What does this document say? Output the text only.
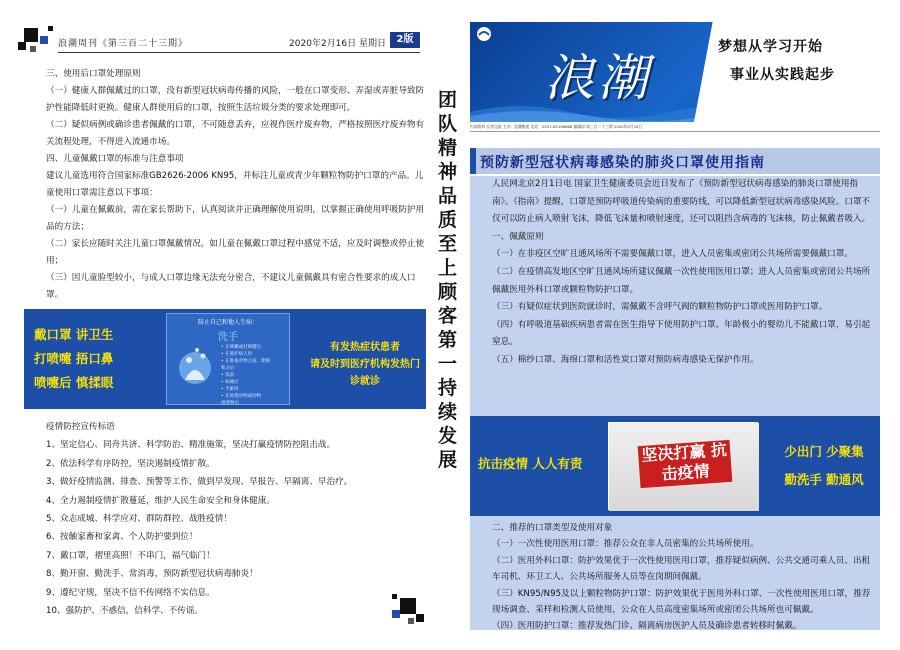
浪潮周刊《第三百二十三期》	2020年2月16日 星期日	2版

三、使用后口罩处理原则

（一）健康人群佩戴过的口罩，没有新型冠状病毒传播的风险，一般在口罩变形、弄湿或弄脏导致防护性能降低时更换。健康人群使用后的口罩，按照生活垃圾分类的要求处理即可。

（二）疑似病例或确诊患者佩戴的口罩，不可随意丢弃，应视作医疗废弃物，严格按照医疗废弃物有关流程处理，不得进入流通市场。

四、儿童佩戴口罩的标准与注意事项

建议儿童选用符合国家标准GB2626-2006 KN95，并标注儿童或青少年颗粒物防护口罩的产品。儿童使用口罩需注意以下事项：

（一）儿童在佩戴前，需在家长帮助下，认真阅读并正确理解使用说明，以掌握正确使用呼吸防护用品的方法；

（二）家长应随时关注儿童口罩佩戴情况，如儿童在佩戴口罩过程中感觉不适，应及时调整或停止使用；

（三）因儿童脸型较小，与成人口罩边缘无法充分密合，不建议儿童佩戴具有密合性要求的成人口罩。

戴口罩 讲卫生
打喷嚏 捂口鼻
喷嚏后 慎揉眼
防止自己和他人生病：
洗手
• 在咳嗽或打喷嚏后
• 在照护病人时
• 在准备食物之前、期间
和之后
• 饭前
• 如厕后
• 手脏时
• 在处理动物或动物
排泄物后
有发热症状患者
请及时到医疗机构发热门诊就诊

疫情防控宣传标语

1、坚定信心、同舟共济、科学防治、精准施策，坚决打赢疫情防控阻击战。

2、依法科学有序防控，坚决遏制疫情扩散。

3、做好疫情监测、排查、预警等工作，做到早发现、早报告、早隔离、早治疗。

4、全力遏制疫情扩散蔓延，维护人民生命安全和身体健康。

5、众志成城、科学应对、群防群控、战胜疫情！

6、按触家畜和家禽、个人防护要到位！

7、戴口罩，褶里高照！不串门，福气临门！

8、勤开窗、勤洗手、常消毒，预防新型冠状病毒肺炎！

9、遵纪守规，坚决不信不传网络不实信息。

10、强防护、不惑信，信科学、不传谣。

团队精神 品质至上 顾客第一 持续发展
浪潮
梦想从学习开始
事业从实践起步
内部资料 仅供交流 主办：浪潮集团 电话：0531-85106666 编辑部 第三百二十三期 2020年2月16日
预防新型冠状病毒感染的肺炎口罩使用指南

人民网北京2月1日电 国家卫生健康委员会近日发布了《预防新型冠状病毒感染的肺炎口罩使用指南》。《指南》提醒，口罩是预防呼吸道传染病的重要防线，可以降低新型冠状病毒感染风险。口罩不仅可以防止病人喷射飞沫，降低飞沫量和喷射速度，还可以阻挡含病毒的飞沫核，防止佩戴者吸入。

一、佩戴原则

（一）在非疫区空旷且通风场所不需要佩戴口罩，进入人员密集或密闭公共场所需要佩戴口罩。

（二）在疫情高发地区空旷且通风场所建议佩戴一次性使用医用口罩；进入人员密集或密闭公共场所佩戴医用外科口罩或颗粒物防护口罩。

（三）有疑似症状到医院就诊时，需佩戴不含呼气阀的颗粒物防护口罩或医用防护口罩。

（四）有呼吸道基础疾病患者需在医生指导下使用防护口罩。年龄极小的婴幼儿不能戴口罩，易引起窒息。

（五）棉纱口罩、海绵口罩和活性炭口罩对预防病毒感染无保护作用。

抗击疫情 人人有责	坚决打赢 抗击疫情
少出门 少聚集
勤洗手 勤通风

二、推荐的口罩类型及使用对象

（一）一次性使用医用口罩：推荐公众在非人员密集的公共场所使用。

（二）医用外科口罩：防护效果优于一次性使用医用口罩，推荐疑似病例、公共交通司乘人员、出租车司机、环卫工人、公共场所服务人员等在岗期间佩戴。

（三）KN95/N95及以上颗粒物防护口罩：防护效果优于医用外科口罩、一次性使用医用口罩，推荐现场调查、采样和检测人员使用，公众在人员高度密集场所或密闭公共场所也可佩戴。

（四）医用防护口罩：推荐发热门诊、隔离病房医护人员及确诊患者转移时佩戴。
